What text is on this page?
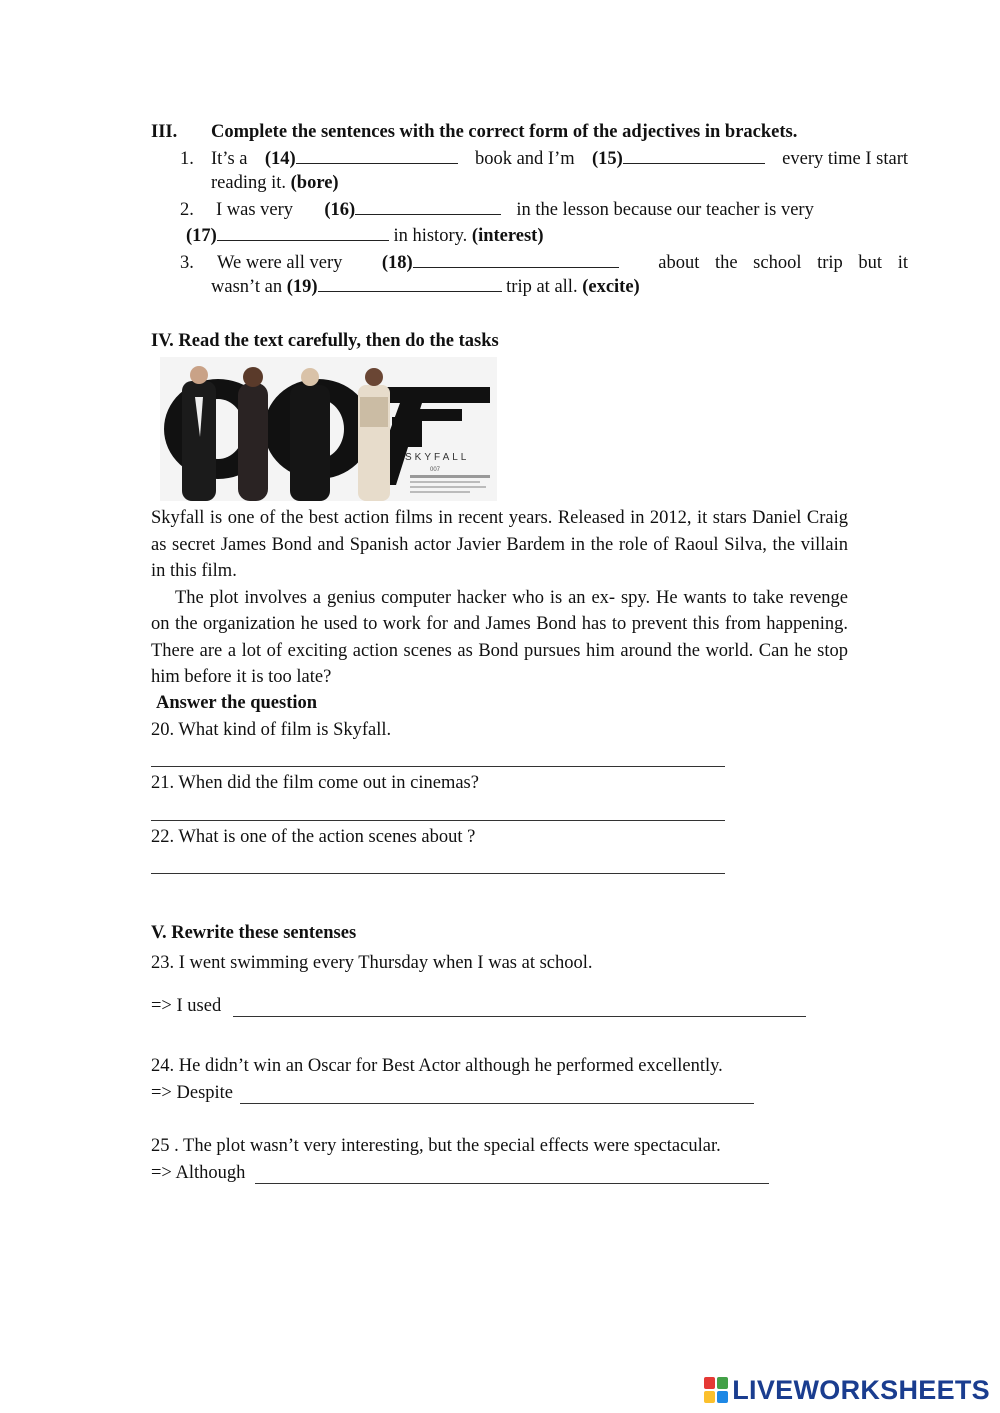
III. Complete the sentences with the correct form of the adjectives in brackets.
1. It’s a (14)	book and I’m (15)	every time I start
reading it. (bore)
2. I was very (16)	in the lesson because our teacher is very
(17)	in history. (interest)
3. We were all very (18)	about the school trip but it
wasn’t an (19)	trip at all. (excite)
IV. Read the text carefully, then do the tasks
SKYFALL
007

Skyfall is one of the best action films in recent years. Released in 2012, it stars Daniel Craig as secret James Bond and Spanish actor Javier Bardem in the role of Raoul Silva, the villain in this film.

The plot involves a genius computer hacker who is an ex- spy. He wants to take revenge on the organization he used to work for and James Bond has to prevent this from happening. There are a lot of exciting action scenes as Bond pursues him around the world. Can he stop him before it is too late?

Answer the question
20. What kind of film is Skyfall.
21. When did the film come out in cinemas?
22. What is one of the action scenes about ?
V. Rewrite these sentenses
23. I went swimming every Thursday when I was at school.
=> I used
24. He didn’t win an Oscar for Best Actor although he performed excellently.
=> Despite
25 . The plot wasn’t very interesting, but the special effects were spectacular.
=> Although
LIVEWORKSHEETS
